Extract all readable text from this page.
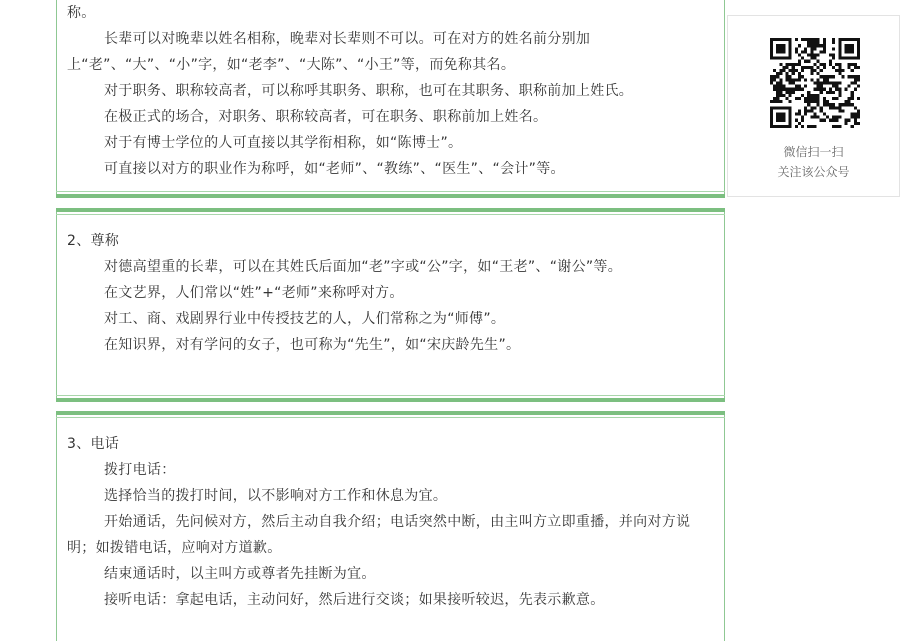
称。

长辈可以对晚辈以姓名相称，晚辈对长辈则不可以。可在对方的姓名前分别加上“老”、“大”、“小”字，如“老李”、“大陈”、“小王”等，而免称其名。

对于职务、职称较高者，可以称呼其职务、职称，也可在其职务、职称前加上姓氏。

在极正式的场合，对职务、职称较高者，可在职务、职称前加上姓名。

对于有博士学位的人可直接以其学衔相称，如“陈博士”。

可直接以对方的职业作为称呼，如“老师”、“教练”、“医生”、“会计”等。

2、尊称

对德高望重的长辈，可以在其姓氏后面加“老”字或“公”字，如“王老”、“谢公”等。

在文艺界，人们常以“姓”+“老师”来称呼对方。

对工、商、戏剧界行业中传授技艺的人，人们常称之为“师傅”。

在知识界，对有学问的女子，也可称为“先生”，如“宋庆龄先生”。

3、电话

拨打电话：

选择恰当的拨打时间，以不影响对方工作和休息为宜。

开始通话，先问候对方，然后主动自我介绍；电话突然中断，由主叫方立即重播，并向对方说明；如拨错电话，应响对方道歉。

结束通话时，以主叫方或尊者先挂断为宜。

接听电话：拿起电话，主动问好，然后进行交谈；如果接听较迟，先表示歉意。

微信扫一扫
关注该公众号
